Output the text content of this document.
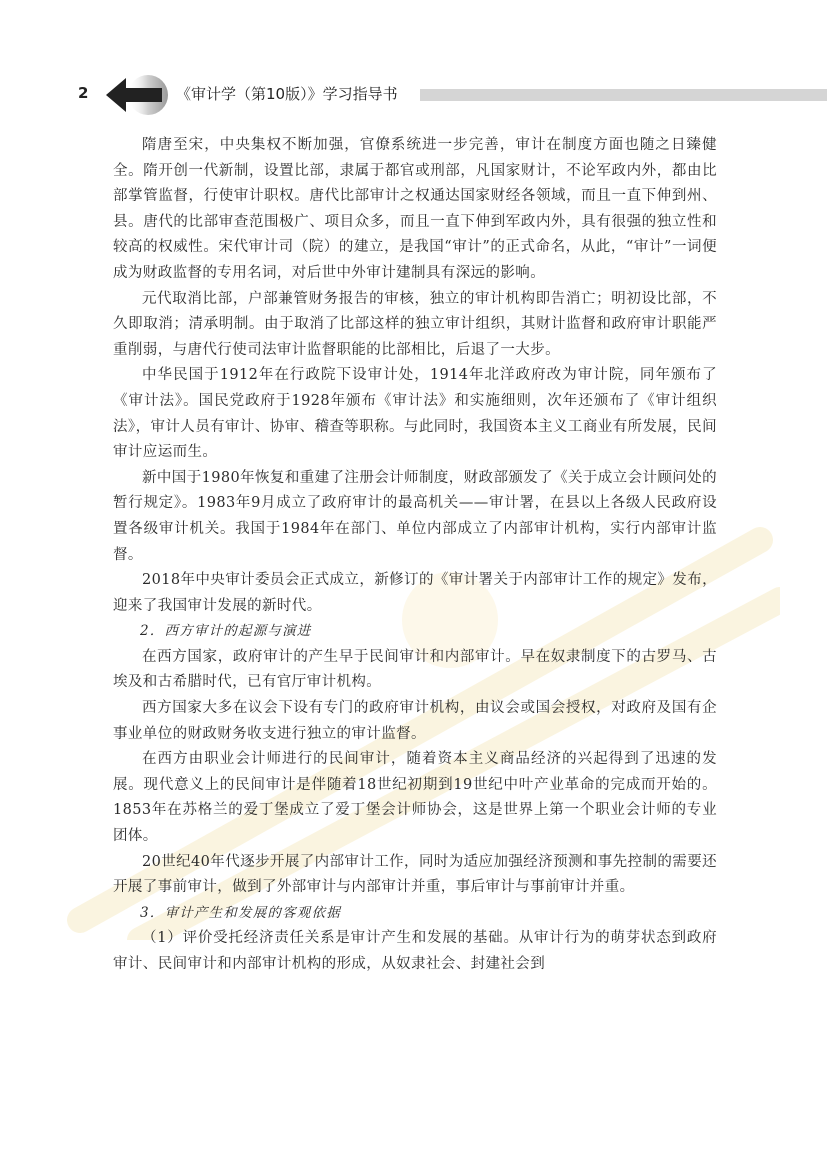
2	《审计学（第10版）》学习指导书

隋唐至宋，中央集权不断加强，官僚系统进一步完善，审计在制度方面也随之日臻健全。隋开创一代新制，设置比部，隶属于都官或刑部，凡国家财计，不论军政内外，都由比部掌管监督，行使审计职权。唐代比部审计之权通达国家财经各领域，而且一直下伸到州、县。唐代的比部审查范围极广、项目众多，而且一直下伸到军政内外，具有很强的独立性和较高的权威性。宋代审计司（院）的建立，是我国“审计”的正式命名，从此，“审计”一词便成为财政监督的专用名词，对后世中外审计建制具有深远的影响。

元代取消比部，户部兼管财务报告的审核，独立的审计机构即告消亡；明初设比部，不久即取消；清承明制。由于取消了比部这样的独立审计组织，其财计监督和政府审计职能严重削弱，与唐代行使司法审计监督职能的比部相比，后退了一大步。

中华民国于1912年在行政院下设审计处，1914年北洋政府改为审计院，同年颁布了《审计法》。国民党政府于1928年颁布《审计法》和实施细则，次年还颁布了《审计组织法》，审计人员有审计、协审、稽查等职称。与此同时，我国资本主义工商业有所发展，民间审计应运而生。

新中国于1980年恢复和重建了注册会计师制度，财政部颁发了《关于成立会计顾问处的暂行规定》。1983年9月成立了政府审计的最高机关——审计署，在县以上各级人民政府设置各级审计机关。我国于1984年在部门、单位内部成立了内部审计机构，实行内部审计监督。

2018年中央审计委员会正式成立，新修订的《审计署关于内部审计工作的规定》发布，迎来了我国审计发展的新时代。

2．西方审计的起源与演进

在西方国家，政府审计的产生早于民间审计和内部审计。早在奴隶制度下的古罗马、古埃及和古希腊时代，已有官厅审计机构。

西方国家大多在议会下设有专门的政府审计机构，由议会或国会授权，对政府及国有企事业单位的财政财务收支进行独立的审计监督。

在西方由职业会计师进行的民间审计，随着资本主义商品经济的兴起得到了迅速的发展。现代意义上的民间审计是伴随着18世纪初期到19世纪中叶产业革命的完成而开始的。1853年在苏格兰的爱丁堡成立了爱丁堡会计师协会，这是世界上第一个职业会计师的专业团体。

20世纪40年代逐步开展了内部审计工作，同时为适应加强经济预测和事先控制的需要还开展了事前审计，做到了外部审计与内部审计并重，事后审计与事前审计并重。

3．审计产生和发展的客观依据

（1）评价受托经济责任关系是审计产生和发展的基础。从审计行为的萌芽状态到政府审计、民间审计和内部审计机构的形成，从奴隶社会、封建社会到
